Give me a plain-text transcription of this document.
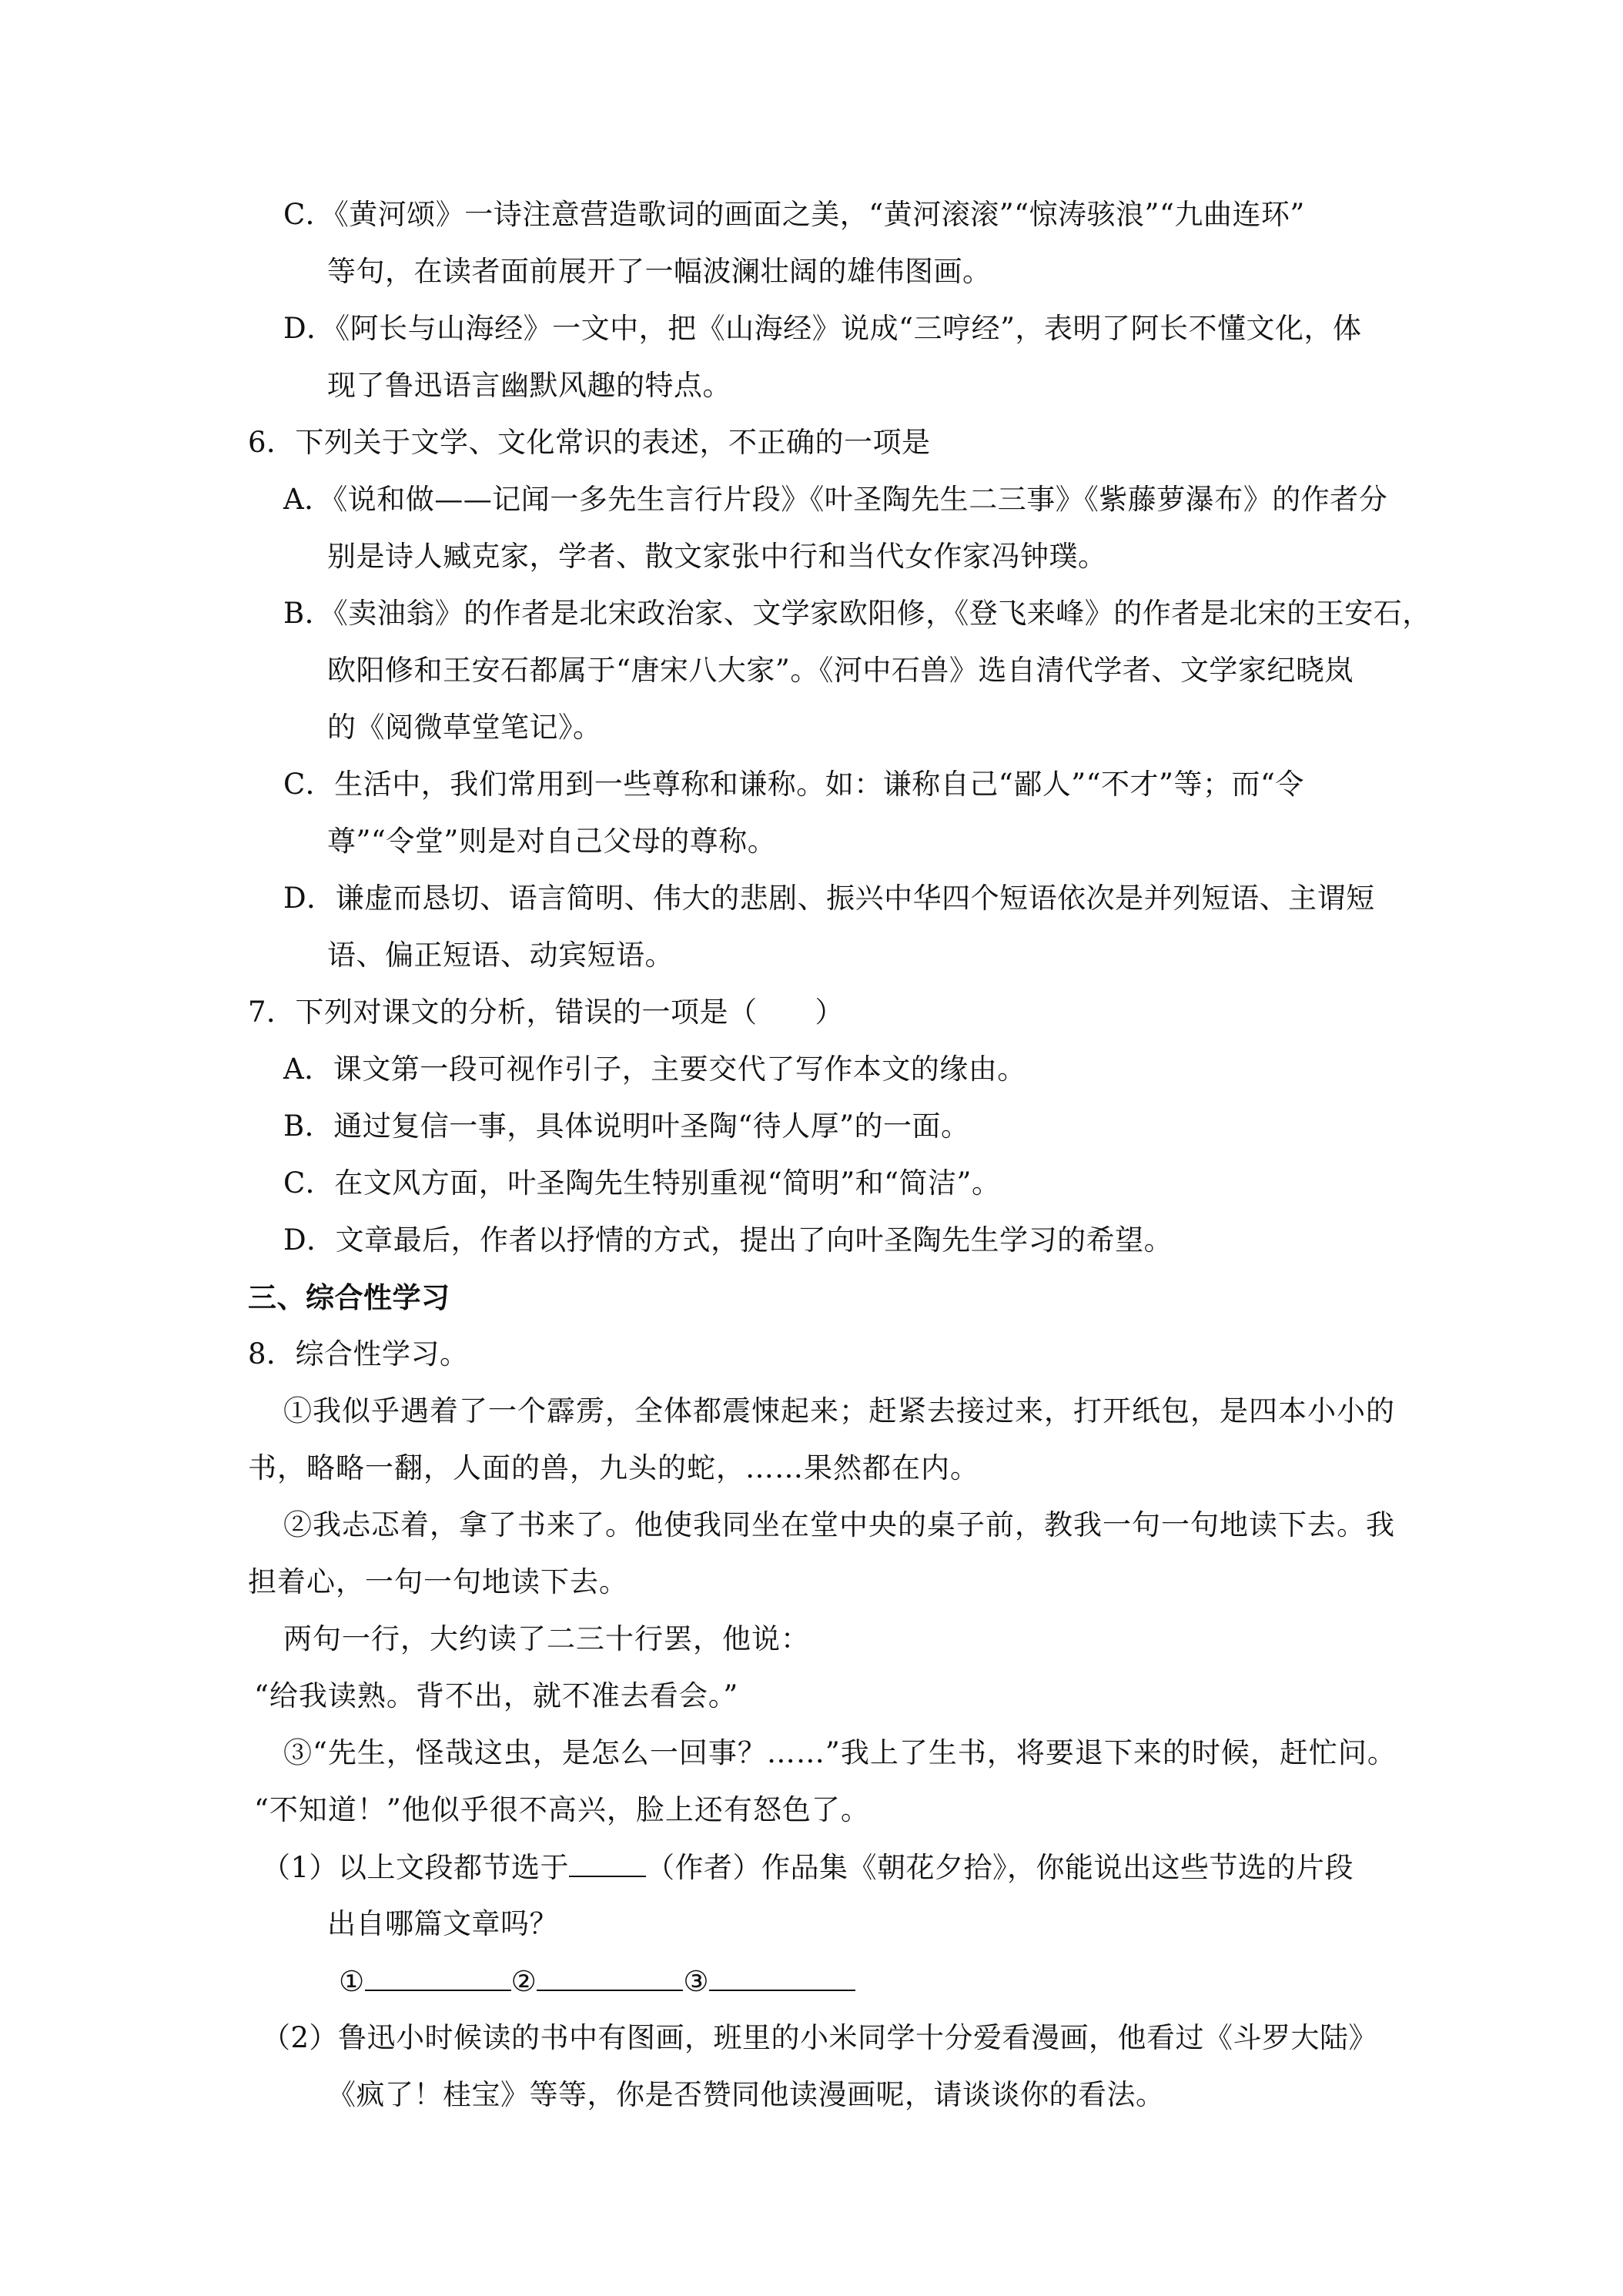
C．《黄河颂》一诗注意营造歌词的画面之美，“黄河滚滚”“惊涛骇浪”“九曲连环”
等句，在读者面前展开了一幅波澜壮阔的雄伟图画。
D．《阿长与山海经》一文中，把《山海经》说成“三哼经”，表明了阿长不懂文化，体
现了鲁迅语言幽默风趣的特点。
6．下列关于文学、文化常识的表述，不正确的一项是
A．《说和做——记闻一多先生言行片段》《叶圣陶先生二三事》《紫藤萝瀑布》的作者分
别是诗人臧克家，学者、散文家张中行和当代女作家冯钟璞。
B．《卖油翁》的作者是北宋政治家、文学家欧阳修，《登飞来峰》的作者是北宋的王安石，
欧阳修和王安石都属于“唐宋八大家”。《河中石兽》选自清代学者、文学家纪晓岚
的《阅微草堂笔记》。
C．生活中，我们常用到一些尊称和谦称。如：谦称自己“鄙人”“不才”等；而“令
尊”“令堂”则是对自己父母的尊称。
D．谦虚而恳切、语言简明、伟大的悲剧、振兴中华四个短语依次是并列短语、主谓短
语、偏正短语、动宾短语。
7．下列对课文的分析，错误的一项是（　　）
A．课文第一段可视作引子，主要交代了写作本文的缘由。
B．通过复信一事，具体说明叶圣陶“待人厚”的一面。
C．在文风方面，叶圣陶先生特别重视“简明”和“简洁”。
D．文章最后，作者以抒情的方式，提出了向叶圣陶先生学习的希望。
三、综合性学习
8．综合性学习。
①我似乎遇着了一个霹雳，全体都震悚起来；赶紧去接过来，打开纸包，是四本小小的
书，略略一翻，人面的兽，九头的蛇，……果然都在内。
②我忐忑着，拿了书来了。他使我同坐在堂中央的桌子前，教我一句一句地读下去。我
担着心，一句一句地读下去。
两句一行，大约读了二三十行罢，他说：
“给我读熟。背不出，就不准去看会。”
③“先生，怪哉这虫，是怎么一回事？……”我上了生书，将要退下来的时候，赶忙问。
“不知道！”他似乎很不高兴，脸上还有怒色了。
（1）以上文段都节选于	（作者）作品集《朝花夕拾》，你能说出这些节选的片段
出自哪篇文章吗？
①	②	③
（2）鲁迅小时候读的书中有图画，班里的小米同学十分爱看漫画，他看过《斗罗大陆》
《疯了！桂宝》等等，你是否赞同他读漫画呢，请谈谈你的看法。
